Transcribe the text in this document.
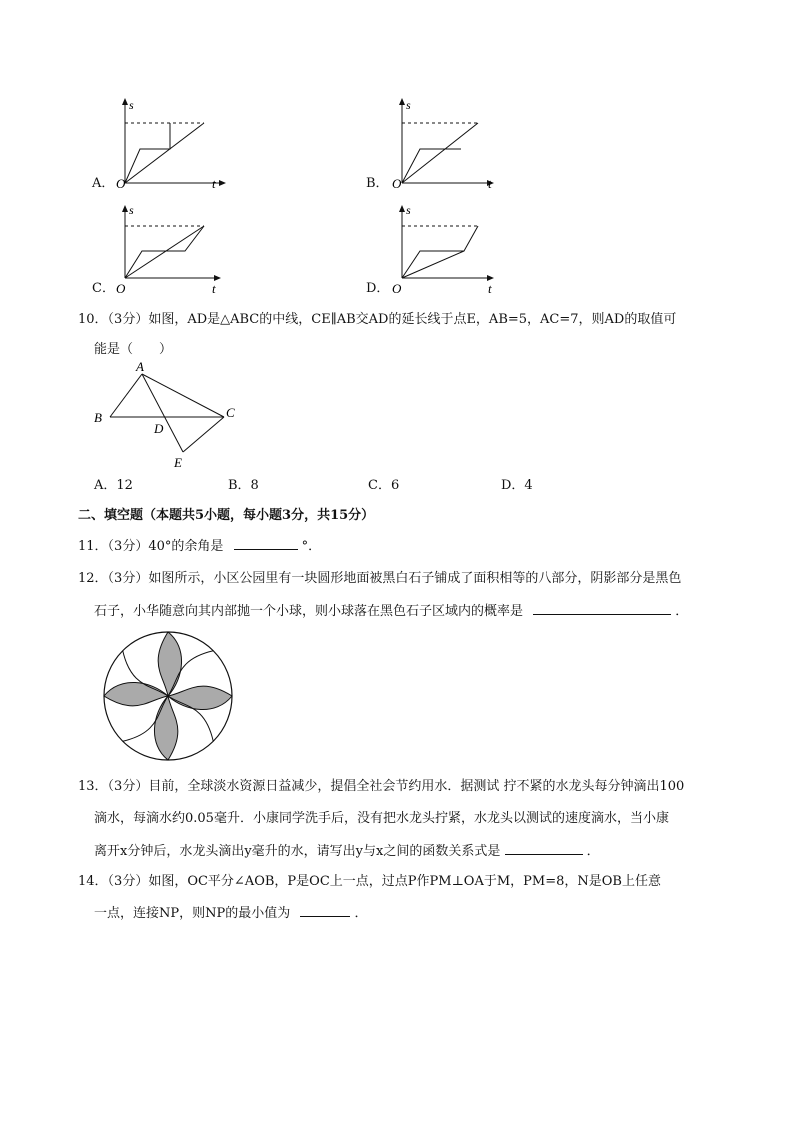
A．
s
t
O	B．
s
t
O
C．
s
t
O	D．
s
t
O
10．（3分）如图，AD是△ABC的中线，CE∥AB交AD的延长线于点E，AB=5，AC=7，则AD的取值可
能是（　　）
A
B	C
D
E
A．12	B．8	C．6	D．4
二、填空题（本题共5小题，每小题3分，共15分）
11．（3分）40°的余角是	°．
12．（3分）如图所示，小区公园里有一块圆形地面被黑白石子铺成了面积相等的八部分，阴影部分是黑色
石子，小华随意向其内部抛一个小球，则小球落在黑色石子区域内的概率是	．
13．（3分）目前，全球淡水资源日益减少，提倡全社会节约用水．据测试 拧不紧的水龙头每分钟滴出100
滴水，每滴水约0.05毫升．小康同学洗手后，没有把水龙头拧紧，水龙头以测试的速度滴水，当小康
离开x分钟后，水龙头滴出y毫升的水，请写出y与x之间的函数关系式是	．
14．（3分）如图，OC平分∠AOB，P是OC上一点，过点P作PM⊥OA于M，PM=8，N是OB上任意
一点，连接NP，则NP的最小值为	．
